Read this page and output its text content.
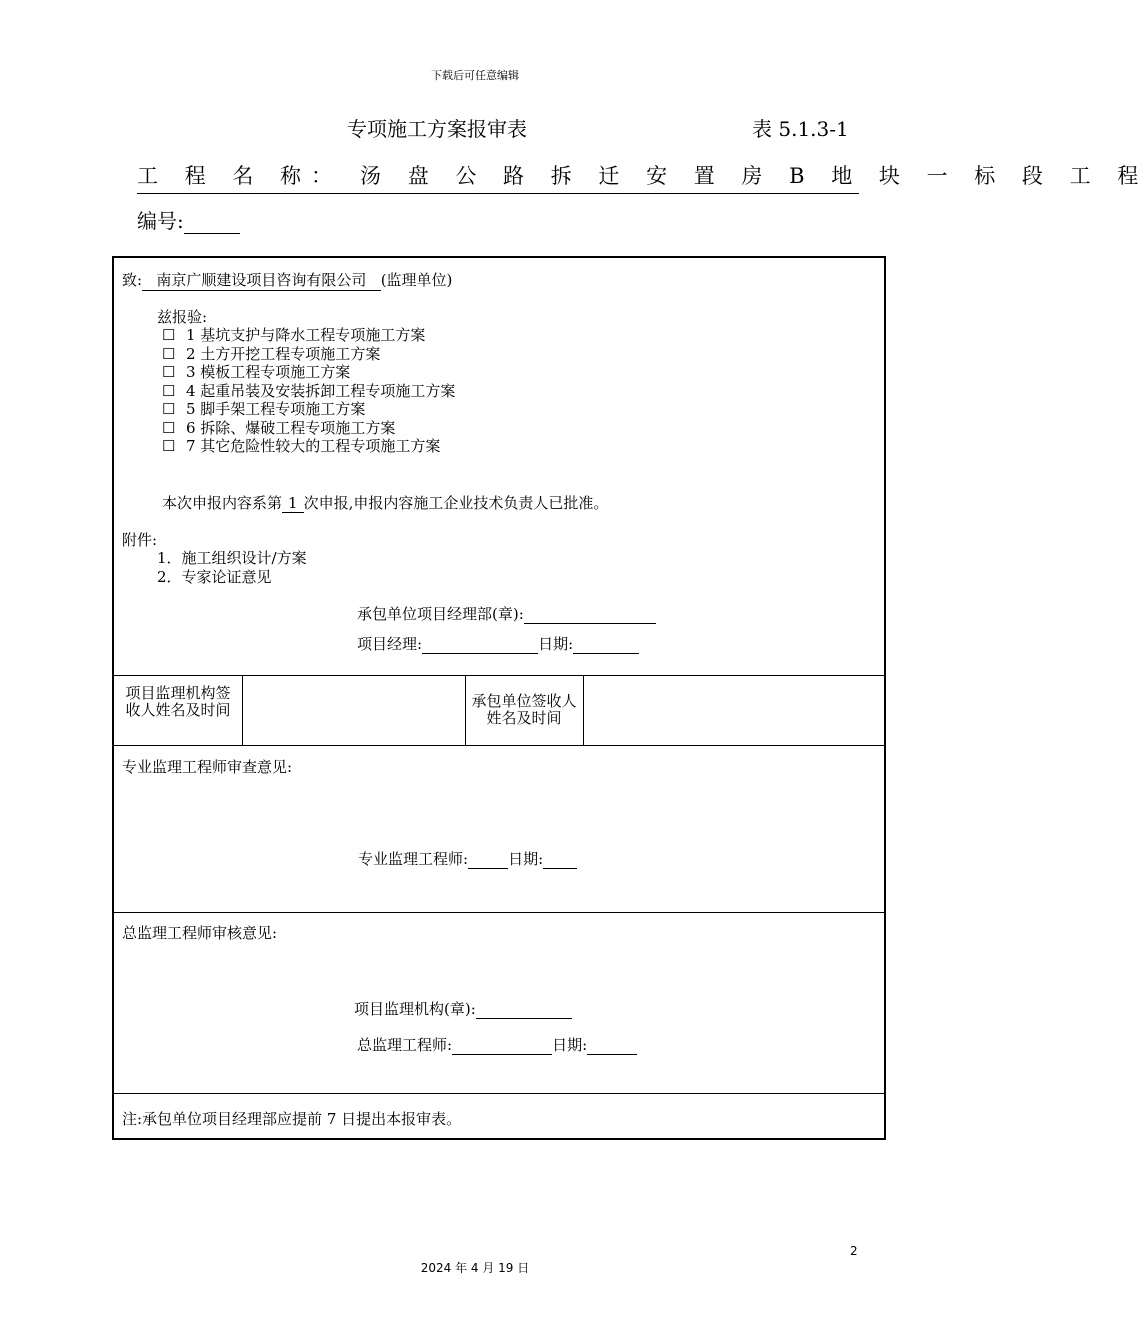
下载后可任意编辑
专项施工方案报审表	表 5.1.3-1
工 程 名 称： 汤 盘 公 路 拆 迁 安 置 房 B 地 块 一 标 段 工 程
编号:
致: 南京广顺建设项目咨询有限公司 (监理单位)
兹报验:
☐ 1 基坑支护与降水工程专项施工方案
☐ 2 土方开挖工程专项施工方案
☐ 3 模板工程专项施工方案
☐ 4 起重吊装及安装拆卸工程专项施工方案
☐ 5 脚手架工程专项施工方案
☐ 6 拆除、爆破工程专项施工方案
☐ 7 其它危险性较大的工程专项施工方案
本次申报内容系第 1 次申报,申报内容施工企业技术负责人已批准。
附件:
1．施工组织设计/方案
2．专家论证意见
承包单位项目经理部(章):
项目经理:	日期:
项目监理机构签收人姓名及时间	承包单位签收人姓名及时间
专业监理工程师审查意见:
专业监理工程师:	日期:
总监理工程师审核意见:
项目监理机构(章):
总监理工程师:	日期:
注:承包单位项目经理部应提前 7 日提出本报审表。
2
2024 年 4 月 19 日
